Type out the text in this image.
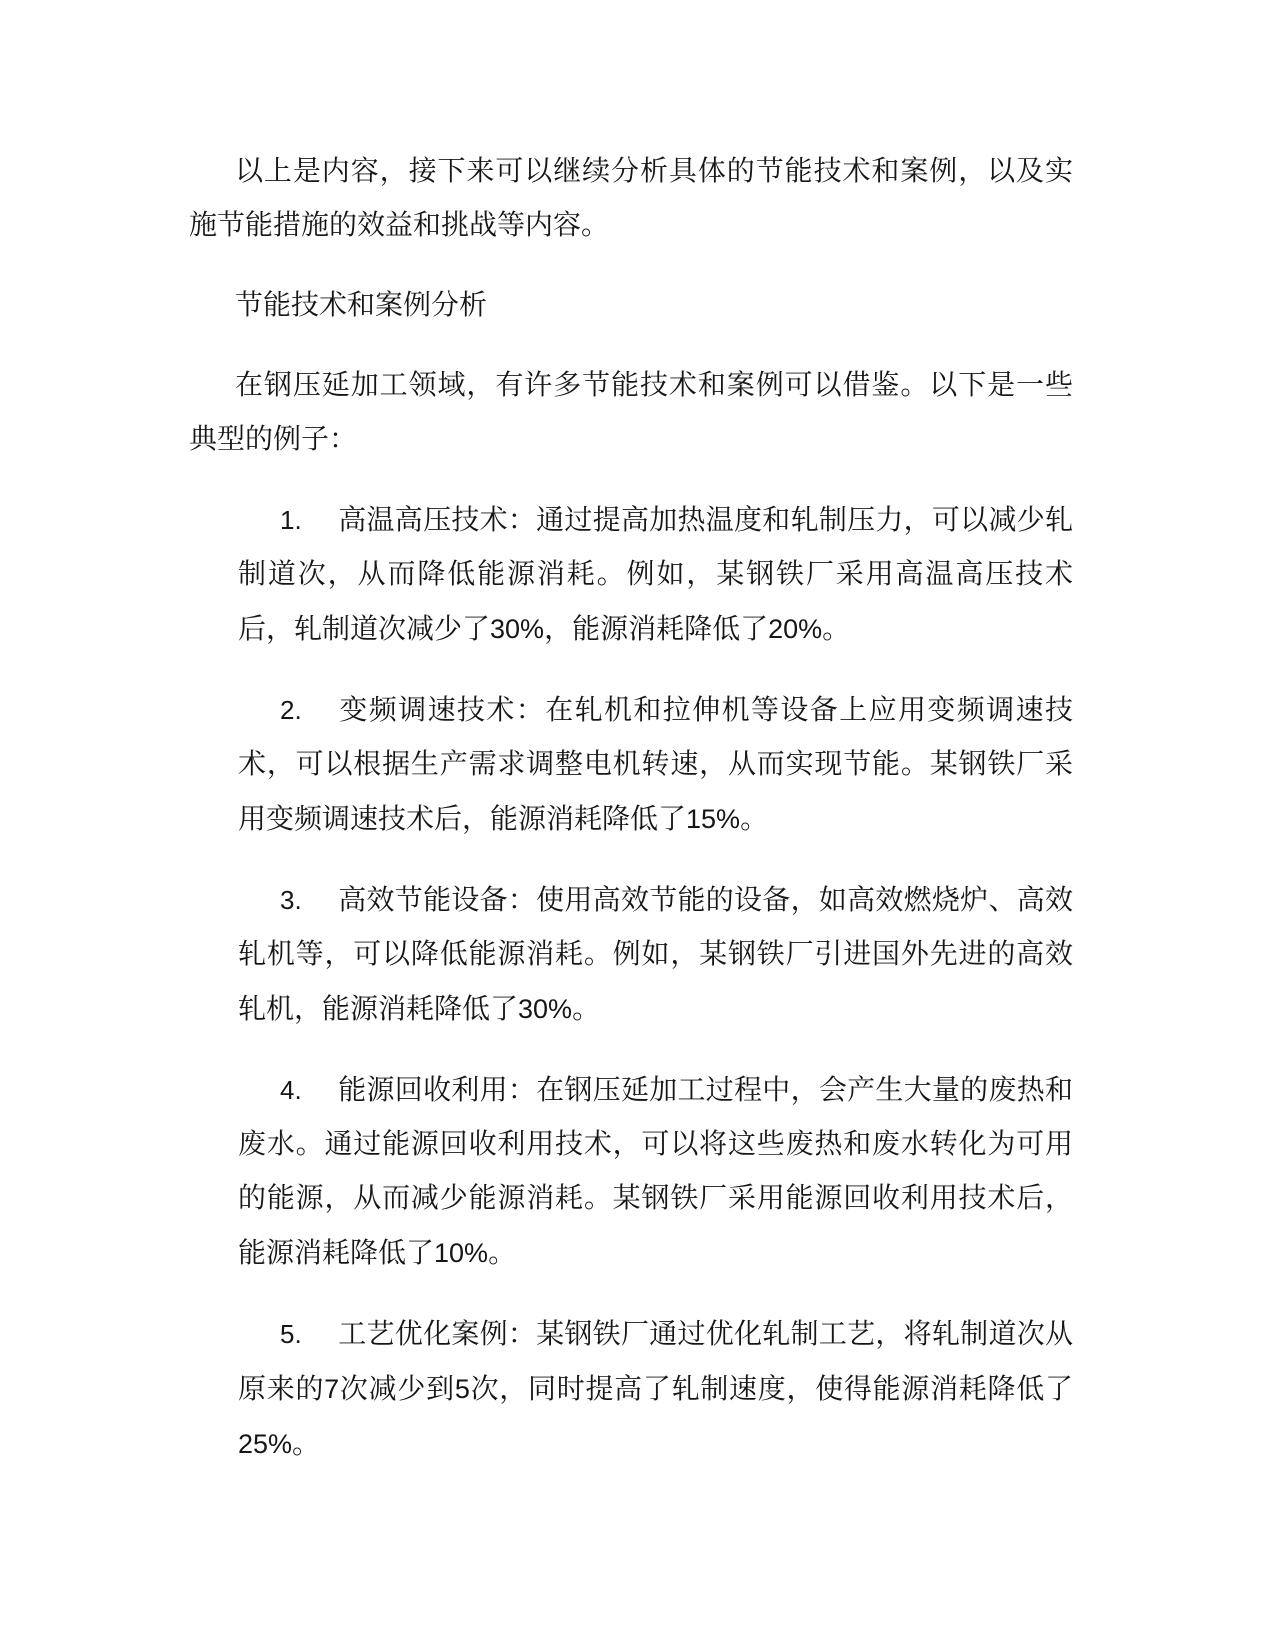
以上是内容，接下来可以继续分析具体的节能技术和案例，以及实施节能措施的效益和挑战等内容。

节能技术和案例分析

在钢压延加工领域，有许多节能技术和案例可以借鉴。以下是一些典型的例子：

1. 高温高压技术：通过提高加热温度和轧制压力，可以减少轧制道次，从而降低能源消耗。例如，某钢铁厂采用高温高压技术后，轧制道次减少了30%，能源消耗降低了20%。

2. 变频调速技术：在轧机和拉伸机等设备上应用变频调速技术，可以根据生产需求调整电机转速，从而实现节能。某钢铁厂采用变频调速技术后，能源消耗降低了15%。

3. 高效节能设备：使用高效节能的设备，如高效燃烧炉、高效轧机等，可以降低能源消耗。例如，某钢铁厂引进国外先进的高效轧机，能源消耗降低了30%。

4. 能源回收利用：在钢压延加工过程中，会产生大量的废热和废水。通过能源回收利用技术，可以将这些废热和废水转化为可用的能源，从而减少能源消耗。某钢铁厂采用能源回收利用技术后，能源消耗降低了10%。

5. 工艺优化案例：某钢铁厂通过优化轧制工艺，将轧制道次从原来的7次减少到5次，同时提高了轧制速度，使得能源消耗降低了25%。
